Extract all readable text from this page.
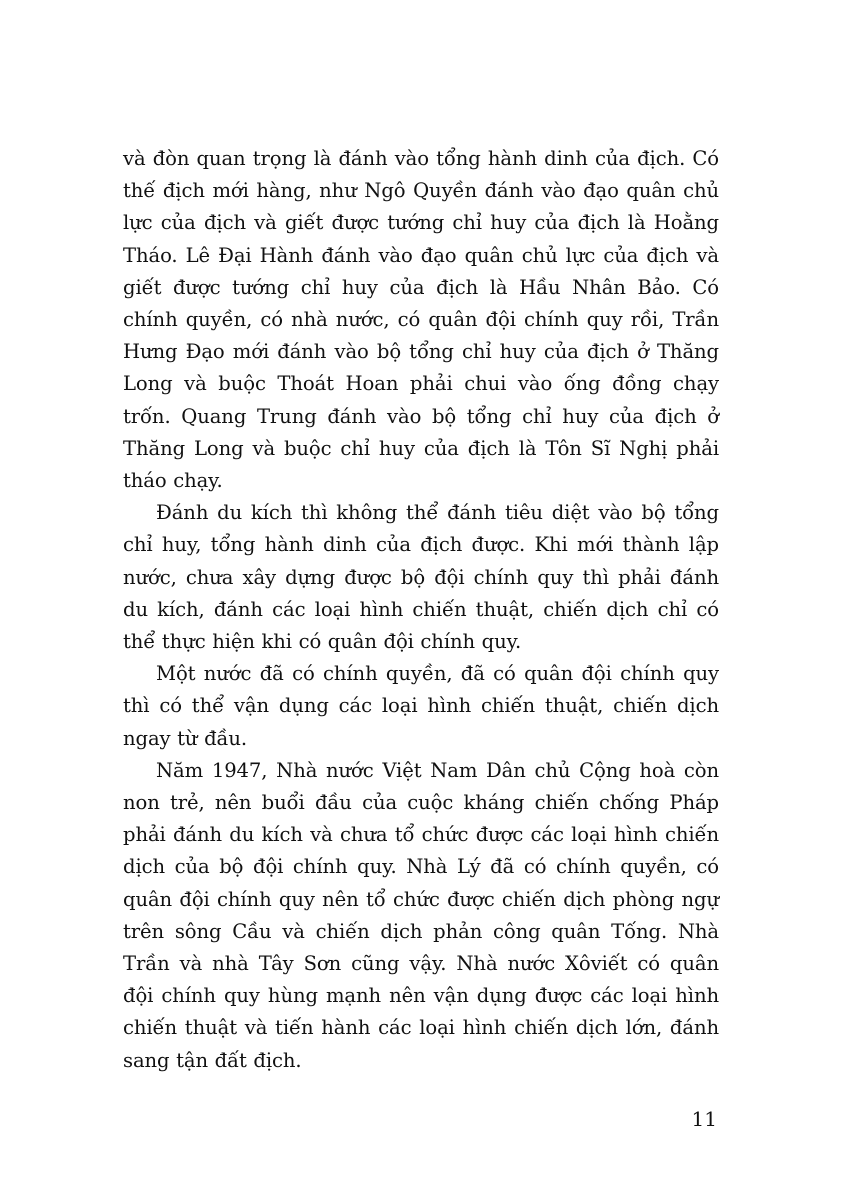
và đòn quan trọng là đánh vào tổng hành dinh của địch. Có thế địch mới hàng, như Ngô Quyền đánh vào đạo quân chủ lực của địch và giết được tướng chỉ huy của địch là Hoằng Tháo. Lê Đại Hành đánh vào đạo quân chủ lực của địch và giết được tướng chỉ huy của địch là Hầu Nhân Bảo. Có chính quyền, có nhà nước, có quân đội chính quy rồi, Trần Hưng Đạo mới đánh vào bộ tổng chỉ huy của địch ở Thăng Long và buộc Thoát Hoan phải chui vào ống đồng chạy trốn. Quang Trung đánh vào bộ tổng chỉ huy của địch ở Thăng Long và buộc chỉ huy của địch là Tôn Sĩ Nghị phải tháo chạy.

Đánh du kích thì không thể đánh tiêu diệt vào bộ tổng chỉ huy, tổng hành dinh của địch được. Khi mới thành lập nước, chưa xây dựng được bộ đội chính quy thì phải đánh du kích, đánh các loại hình chiến thuật, chiến dịch chỉ có thể thực hiện khi có quân đội chính quy.

Một nước đã có chính quyền, đã có quân đội chính quy thì có thể vận dụng các loại hình chiến thuật, chiến dịch ngay từ đầu.

Năm 1947, Nhà nước Việt Nam Dân chủ Cộng hoà còn non trẻ, nên buổi đầu của cuộc kháng chiến chống Pháp phải đánh du kích và chưa tổ chức được các loại hình chiến dịch của bộ đội chính quy. Nhà Lý đã có chính quyền, có quân đội chính quy nên tổ chức được chiến dịch phòng ngự trên sông Cầu và chiến dịch phản công quân Tống. Nhà Trần và nhà Tây Sơn cũng vậy. Nhà nước Xôviết có quân đội chính quy hùng mạnh nên vận dụng được các loại hình chiến thuật và tiến hành các loại hình chiến dịch lớn, đánh sang tận đất địch.

11
